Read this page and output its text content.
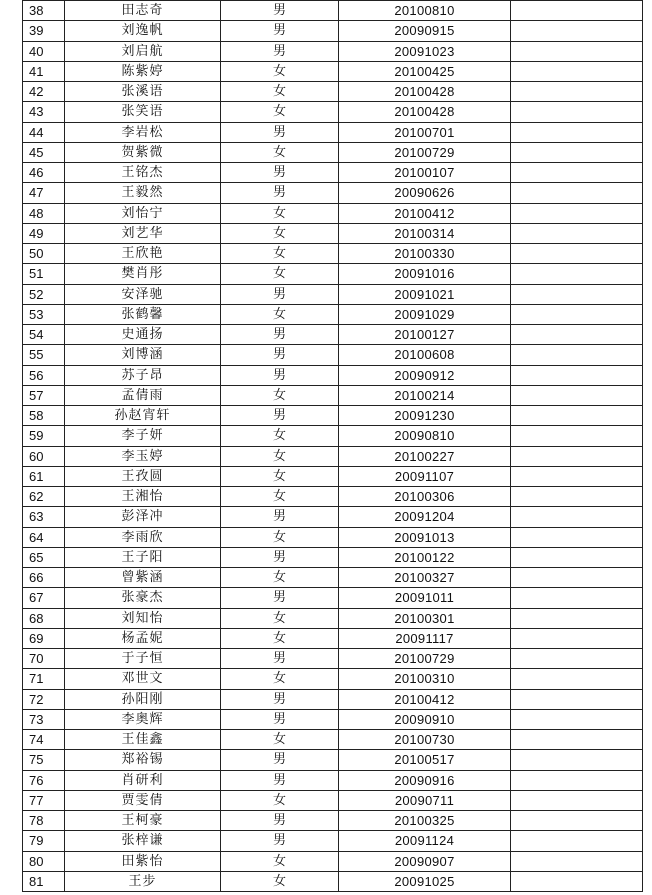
38	田志奇	男	20100810	
39	刘逸帆	男	20090915	
40	刘启航	男	20091023	
41	陈紫婷	女	20100425	
42	张溪语	女	20100428	
43	张笑语	女	20100428	
44	李岩松	男	20100701	
45	贺紫微	女	20100729	
46	王铭杰	男	20100107	
47	王毅然	男	20090626	
48	刘怡宁	女	20100412	
49	刘艺华	女	20100314	
50	王欣艳	女	20100330	
51	樊肖彤	女	20091016	
52	安泽驰	男	20091021	
53	张鹤馨	女	20091029	
54	史通扬	男	20100127	
55	刘博涵	男	20100608	
56	苏子昂	男	20090912	
57	孟倩雨	女	20100214	
58	孙赵宵轩	男	20091230	
59	李子妍	女	20090810	
60	李玉婷	女	20100227	
61	王孜圆	女	20091107	
62	王湘怡	女	20100306	
63	彭泽冲	男	20091204	
64	李雨欣	女	20091013	
65	王子阳	男	20100122	
66	曾紫涵	女	20100327	
67	张豪杰	男	20091011	
68	刘知怡	女	20100301	
69	杨孟妮	女	20091117	
70	于子恒	男	20100729	
71	邓世文	女	20100310	
72	孙阳刚	男	20100412	
73	李奥辉	男	20090910	
74	王佳鑫	女	20100730	
75	郑裕锡	男	20100517	
76	肖研利	男	20090916	
77	贾雯倩	女	20090711	
78	王柯豪	男	20100325	
79	张梓谦	男	20091124	
80	田紫怡	女	20090907	
81	王步	女	20091025	
